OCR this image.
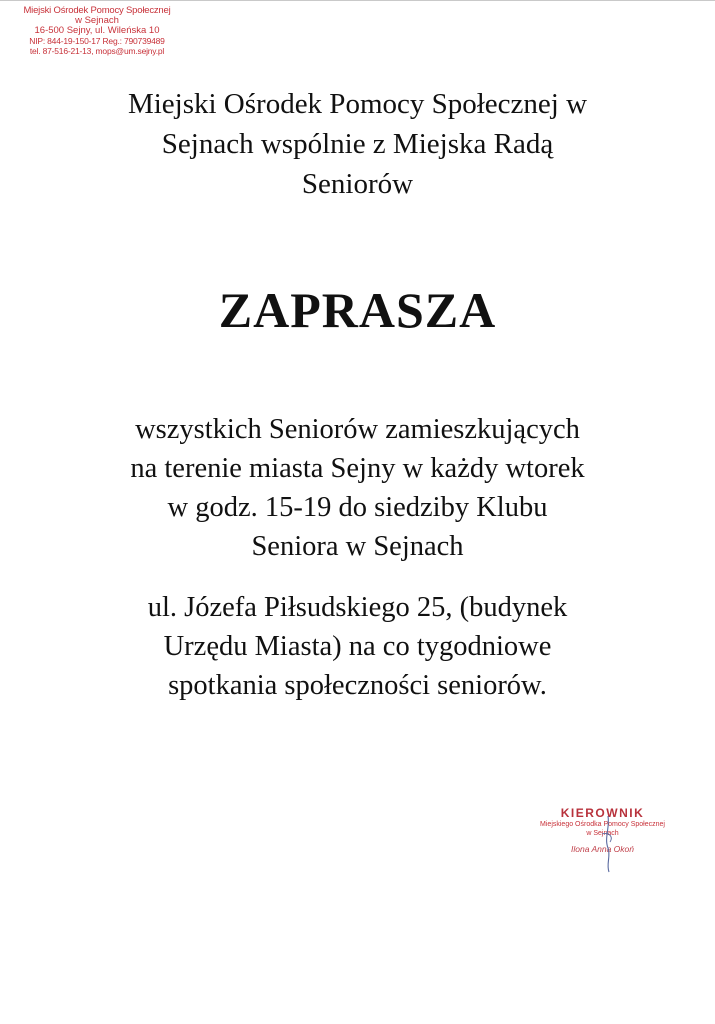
Miejski Ośrodek Pomocy Społecznej
w Sejnach
16-500 Sejny, ul. Wileńska 10
NIP: 844-19-150-17 Reg.: 790739489
tel. 87-516-21-13, mops@um.sejny.pl
Miejski Ośrodek Pomocy Społecznej w
Sejnach wspólnie z Miejska Radą
Seniorów
ZAPRASZA
wszystkich Seniorów zamieszkujących
na terenie miasta Sejny w każdy wtorek
w godz. 15-19 do siedziby Klubu
Seniora w Sejnach
ul. Józefa Piłsudskiego 25, (budynek
Urzędu Miasta) na co tygodniowe
spotkania społeczności seniorów.
KIEROWNIK
Miejskiego Ośrodka Pomocy Społecznej
w Sejnach
Ilona Anna Okoń
